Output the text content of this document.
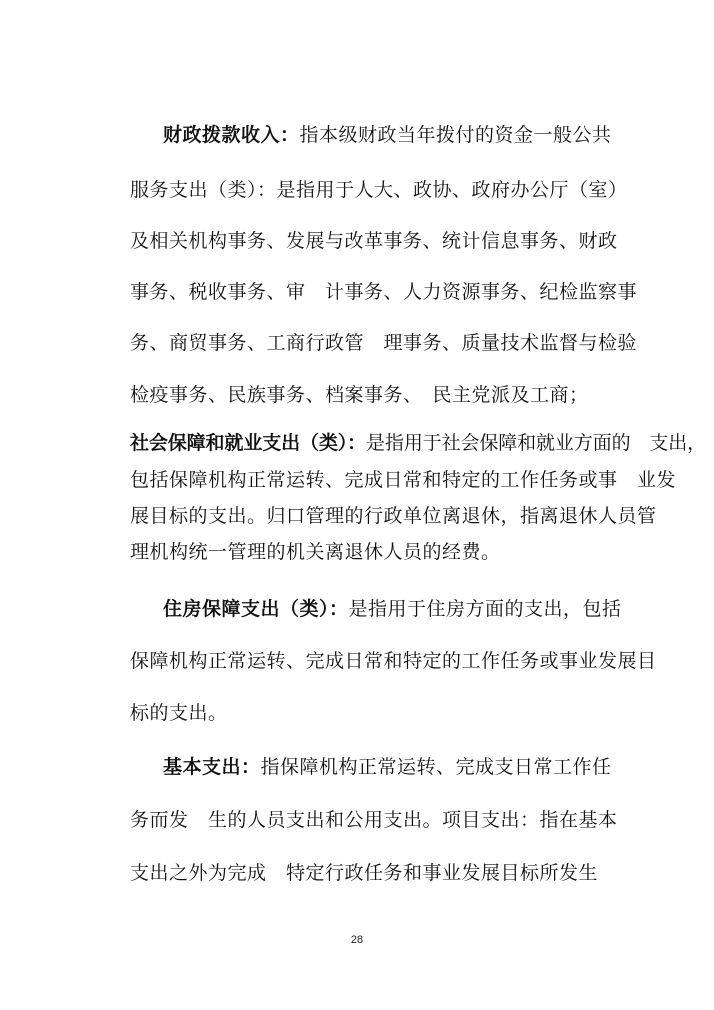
财政拨款收入：指本级财政当年拨付的资金一般公共
服务支出（类）：是指用于人大、政协、政府办公厅（室）
及相关机构事务、发展与改革事务、统计信息事务、财政
事务、税收事务、审　计事务、人力资源事务、纪检监察事
务、商贸事务、工商行政管　理事务、质量技术监督与检验
检疫事务、民族事务、档案事务、　民主党派及工商；
社会保障和就业支出（类）：是指用于社会保障和就业方面的　支出，
包括保障机构正常运转、完成日常和特定的工作任务或事　业发
展目标的支出。归口管理的行政单位离退休，指离退休人员管
理机构统一管理的机关离退休人员的经费。
住房保障支出（类）：是指用于住房方面的支出，包括
保障机构正常运转、完成日常和特定的工作任务或事业发展目
标的支出。
基本支出：指保障机构正常运转、完成支日常工作任
务而发　生的人员支出和公用支出。项目支出：指在基本
支出之外为完成　特定行政任务和事业发展目标所发生
28
